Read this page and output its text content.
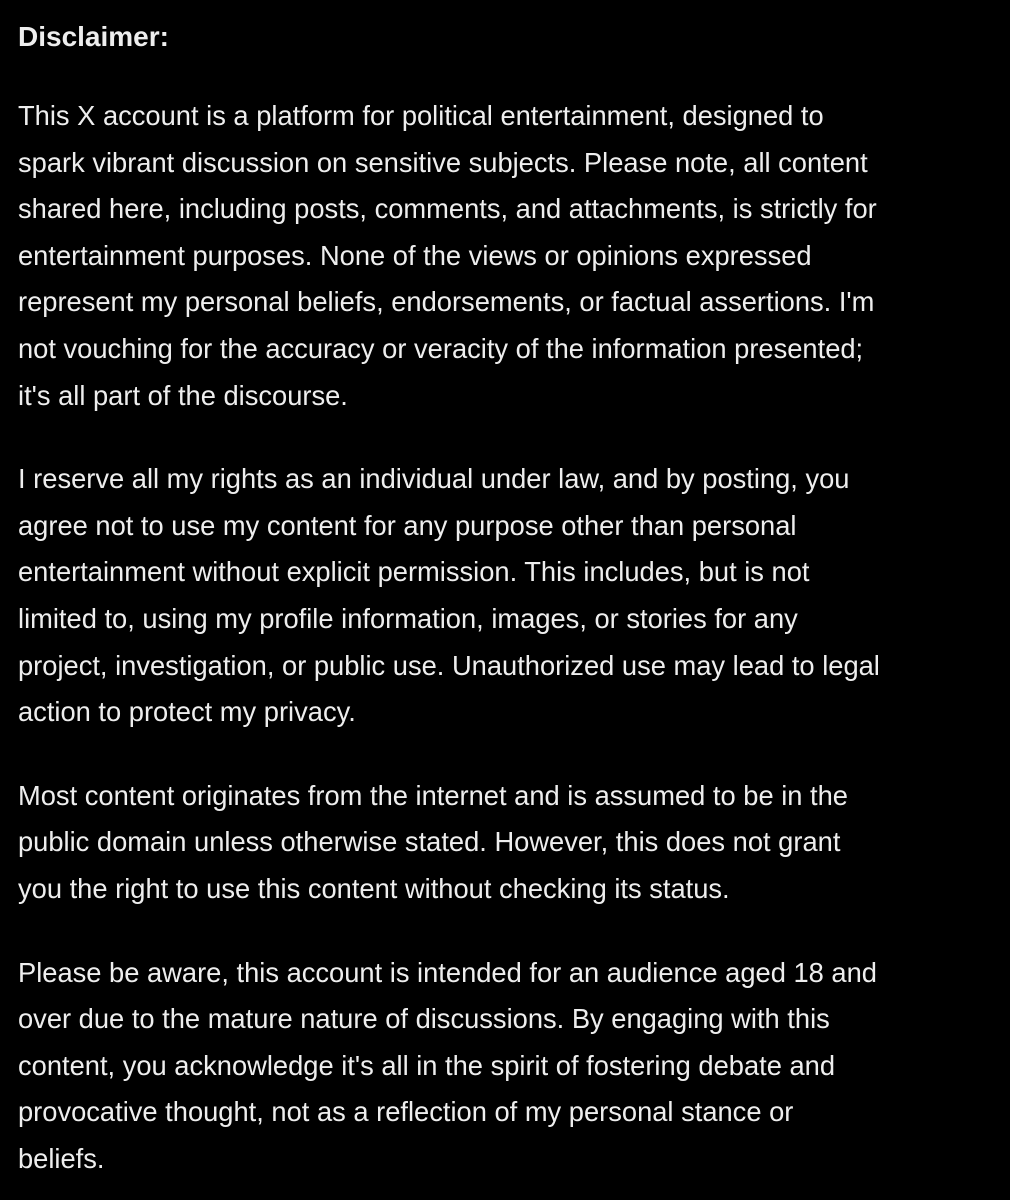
Disclaimer:

This X account is a platform for political entertainment, designed to
spark vibrant discussion on sensitive subjects. Please note, all content
shared here, including posts, comments, and attachments, is strictly for
entertainment purposes. None of the views or opinions expressed
represent my personal beliefs, endorsements, or factual assertions. I'm
not vouching for the accuracy or veracity of the information presented;
it's all part of the discourse.

I reserve all my rights as an individual under law, and by posting, you
agree not to use my content for any purpose other than personal
entertainment without explicit permission. This includes, but is not
limited to, using my profile information, images, or stories for any
project, investigation, or public use. Unauthorized use may lead to legal
action to protect my privacy.

Most content originates from the internet and is assumed to be in the
public domain unless otherwise stated. However, this does not grant
you the right to use this content without checking its status.

Please be aware, this account is intended for an audience aged 18 and
over due to the mature nature of discussions. By engaging with this
content, you acknowledge it's all in the spirit of fostering debate and
provocative thought, not as a reflection of my personal stance or
beliefs.
